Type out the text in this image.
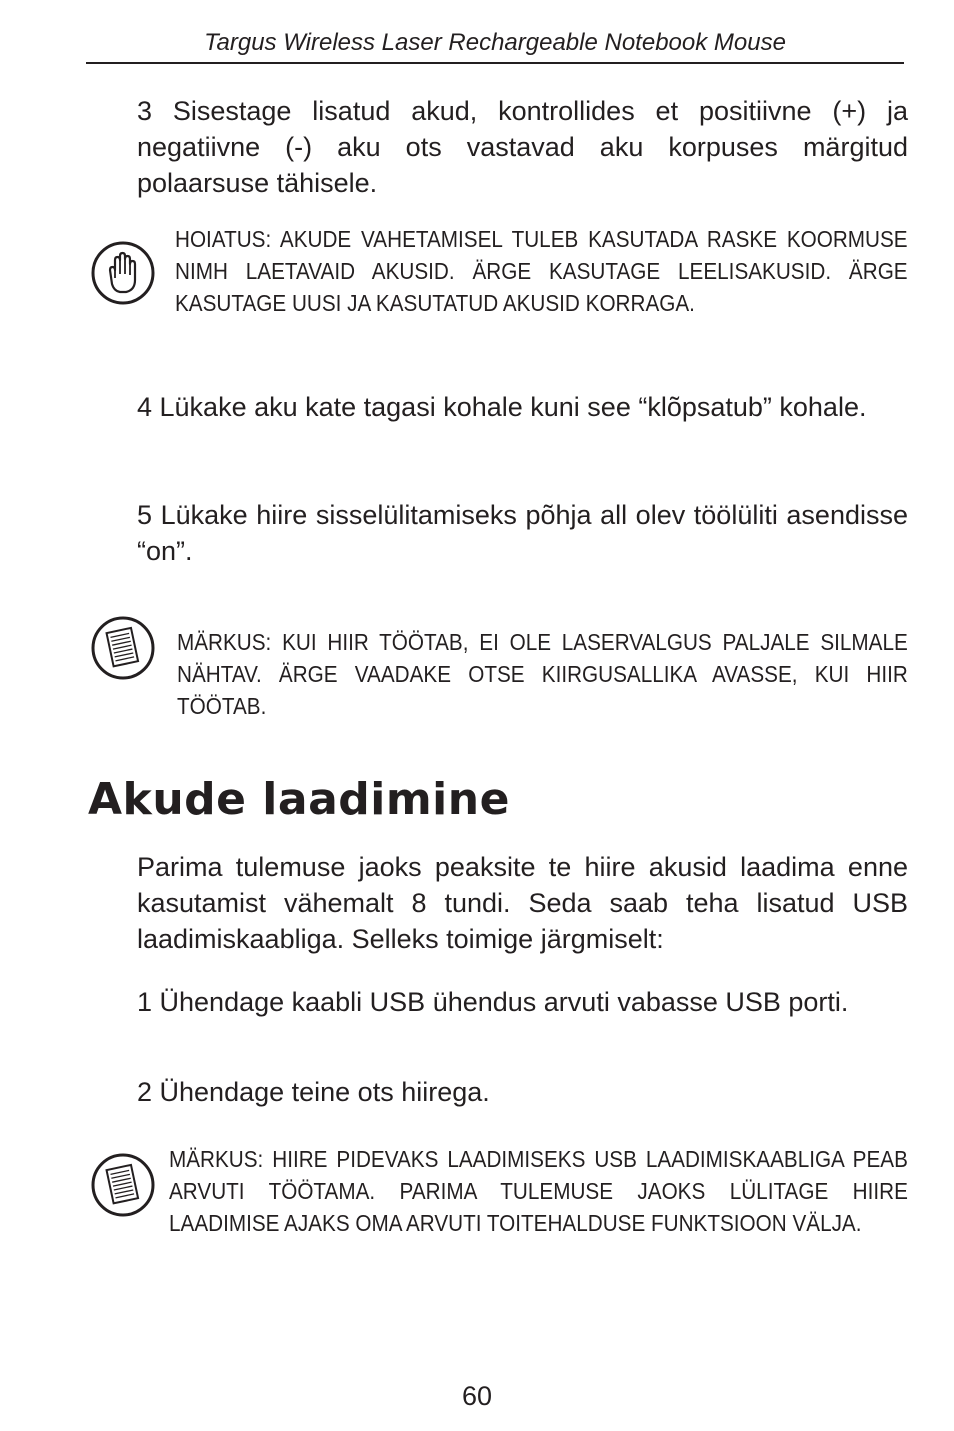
Targus Wireless Laser Rechargeable Notebook Mouse

3 Sisestage lisatud akud, kontrollides et positiivne (+) ja negatiivne (-) aku ots vastavad aku korpuses märgitud polaarsuse tähisele.

HOIATUS: AKUDE VAHETAMISEL TULEB KASUTADA RASKE KOORMUSE NIMH LAETAVAID AKUSID. ÄRGE KASUTAGE LEELISAKUSID. ÄRGE KASUTAGE UUSI JA KASUTATUD AKUSID KORRAGA.

4 Lükake aku kate tagasi kohale kuni see “klõpsatub” kohale.

5 Lükake hiire sisselülitamiseks põhja all olev töölüliti asendisse “on”.

MÄRKUS: KUI HIIR TÖÖTAB, EI OLE LASERVALGUS PALJALE SILMALE NÄHTAV. ÄRGE VAADAKE OTSE KIIRGUSALLIKA AVASSE, KUI HIIR TÖÖTAB.

Akude laadimine

Parima tulemuse jaoks peaksite te hiire akusid laadima enne kasutamist vähemalt 8 tundi. Seda saab teha lisatud USB laadimiskaabliga. Selleks toimige järgmiselt:

1 Ühendage kaabli USB ühendus arvuti vabasse USB porti.

2 Ühendage teine ots hiirega.

MÄRKUS: HIIRE PIDEVAKS LAADIMISEKS USB LAADIMISKAABLIGA PEAB ARVUTI TÖÖTAMA. PARIMA TULEMUSE JAOKS LÜLITAGE HIIRE LAADIMISE AJAKS OMA ARVUTI TOITEHALDUSE FUNKTSIOON VÄLJA.

60
